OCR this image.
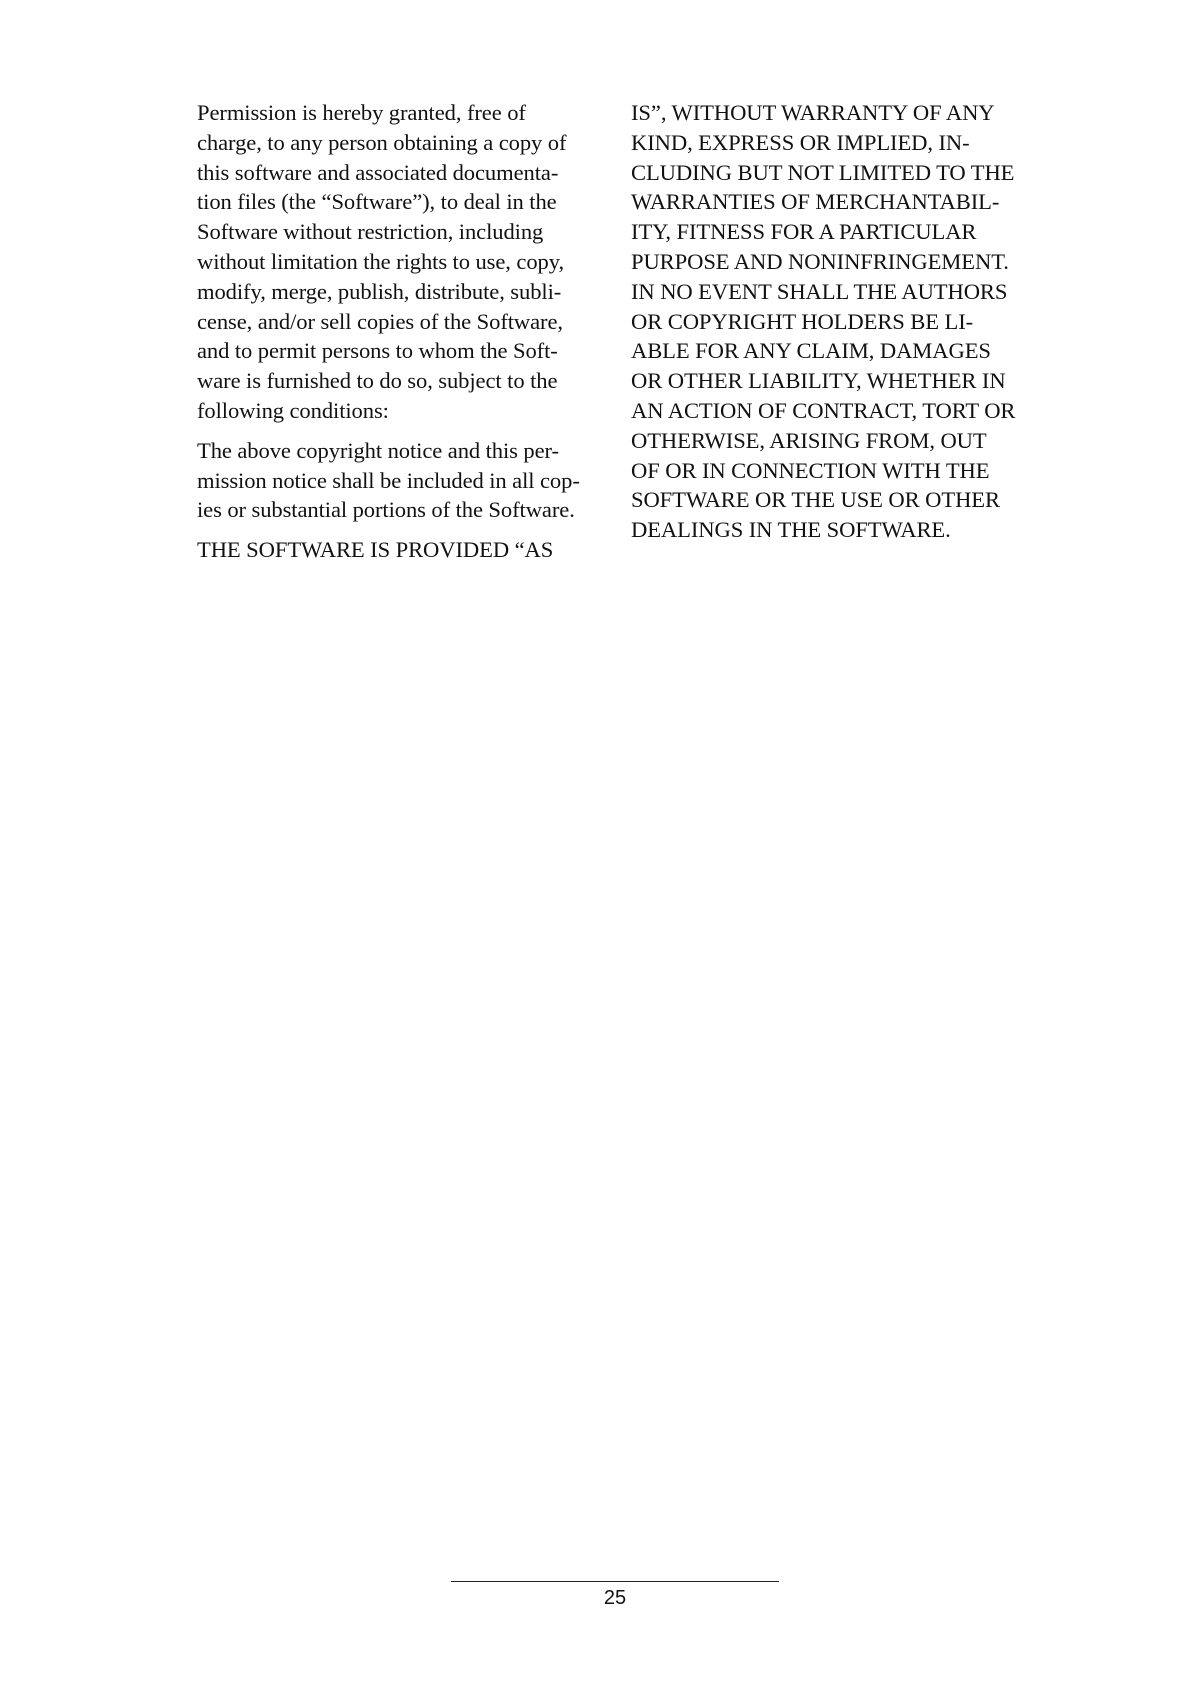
Permission is hereby granted, free of
charge, to any person obtaining a copy of
this software and associated documenta-
tion files (the “Software”), to deal in the
Software without restriction, including
without limitation the rights to use, copy,
modify, merge, publish, distribute, subli-
cense, and/or sell copies of the Software,
and to permit persons to whom the Soft-
ware is furnished to do so, subject to the
following conditions:

The above copyright notice and this per-
mission notice shall be included in all cop-
ies or substantial portions of the Software.

THE SOFTWARE IS PROVIDED “AS

IS”, WITHOUT WARRANTY OF ANY
KIND, EXPRESS OR IMPLIED, IN-
CLUDING BUT NOT LIMITED TO THE
WARRANTIES OF MERCHANTABIL-
ITY, FITNESS FOR A PARTICULAR
PURPOSE AND NONINFRINGEMENT.
IN NO EVENT SHALL THE AUTHORS
OR COPYRIGHT HOLDERS BE LI-
ABLE FOR ANY CLAIM, DAMAGES
OR OTHER LIABILITY, WHETHER IN
AN ACTION OF CONTRACT, TORT OR
OTHERWISE, ARISING FROM, OUT
OF OR IN CONNECTION WITH THE
SOFTWARE OR THE USE OR OTHER
DEALINGS IN THE SOFTWARE.

25
